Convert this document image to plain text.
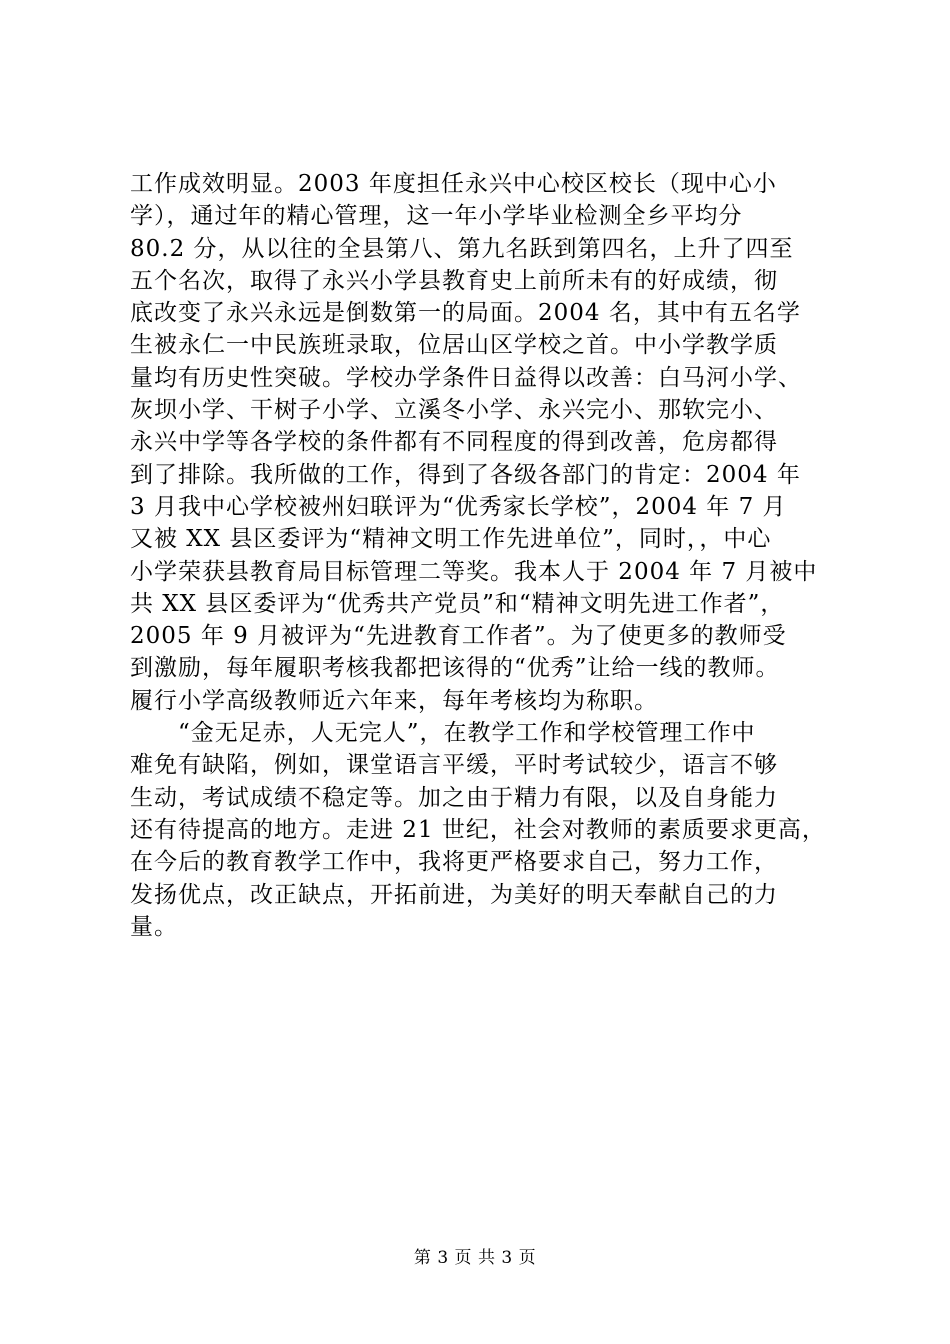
工作成效明显。2003 年度担任永兴中心校区校长（现中心小
学），通过年的精心管理，这一年小学毕业检测全乡平均分
80.2 分，从以往的全县第八、第九名跃到第四名，上升了四至
五个名次，取得了永兴小学县教育史上前所未有的好成绩，彻
底改变了永兴永远是倒数第一的局面。2004 名，其中有五名学
生被永仁一中民族班录取，位居山区学校之首。中小学教学质
量均有历史性突破。学校办学条件日益得以改善：白马河小学、
灰坝小学、干树子小学、立溪冬小学、永兴完小、那软完小、
永兴中学等各学校的条件都有不同程度的得到改善，危房都得
到了排除。我所做的工作，得到了各级各部门的肯定：2004 年
3 月我中心学校被州妇联评为“优秀家长学校”，2004 年 7 月
又被 XX 县区委评为“精神文明工作先进单位”，同时，，中心
小学荣获县教育局目标管理二等奖。我本人于 2004 年 7 月被中
共 XX 县区委评为“优秀共产党员”和“精神文明先进工作者”，
2005 年 9 月被评为“先进教育工作者”。为了使更多的教师受
到激励，每年履职考核我都把该得的“优秀”让给一线的教师。
履行小学高级教师近六年来，每年考核均为称职。
“金无足赤，人无完人”，在教学工作和学校管理工作中
难免有缺陷，例如，课堂语言平缓，平时考试较少，语言不够
生动，考试成绩不稳定等。加之由于精力有限，以及自身能力
还有待提高的地方。走进 21 世纪，社会对教师的素质要求更高，
在今后的教育教学工作中，我将更严格要求自己，努力工作，
发扬优点，改正缺点，开拓前进，为美好的明天奉献自己的力
量。
第 3 页 共 3 页
